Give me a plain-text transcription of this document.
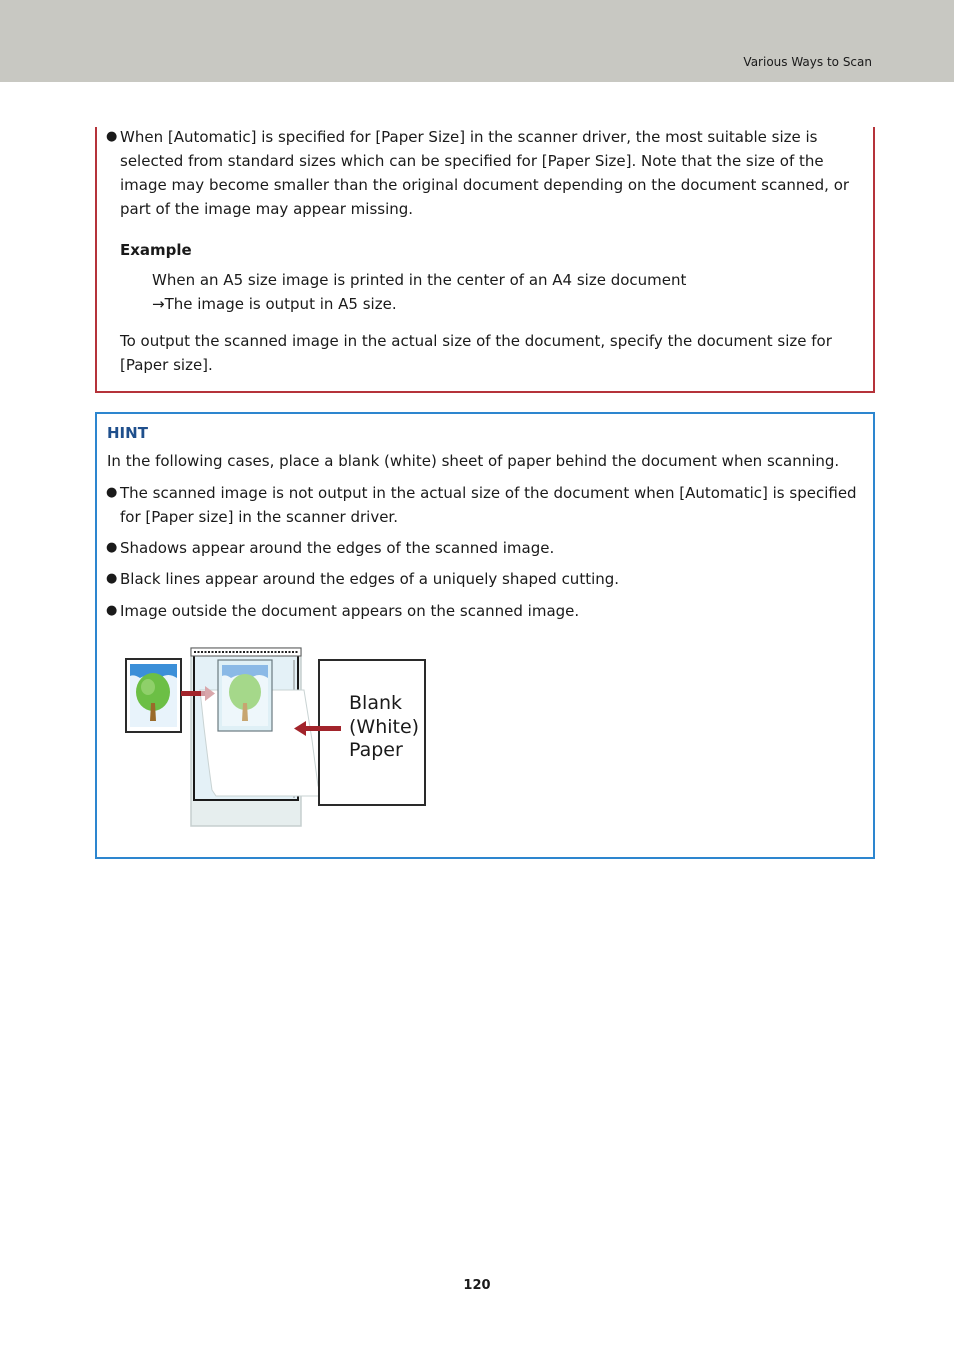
Various Ways to Scan
● When [Automatic] is specified for [Paper Size] in the scanner driver, the most suitable size is
selected from standard sizes which can be specified for [Paper Size]. Note that the size of the
image may become smaller than the original document depending on the document scanned, or
part of the image may appear missing.
Example
When an A5 size image is printed in the center of an A4 size document
→The image is output in A5 size.
To output the scanned image in the actual size of the document, specify the document size for
[Paper size].
HINT
In the following cases, place a blank (white) sheet of paper behind the document when scanning.
● The scanned image is not output in the actual size of the document when [Automatic] is specified
for [Paper size] in the scanner driver.
● Shadows appear around the edges of the scanned image.
● Black lines appear around the edges of a uniquely shaped cutting.
● Image outside the document appears on the scanned image.
Blank
(White)
Paper
120
